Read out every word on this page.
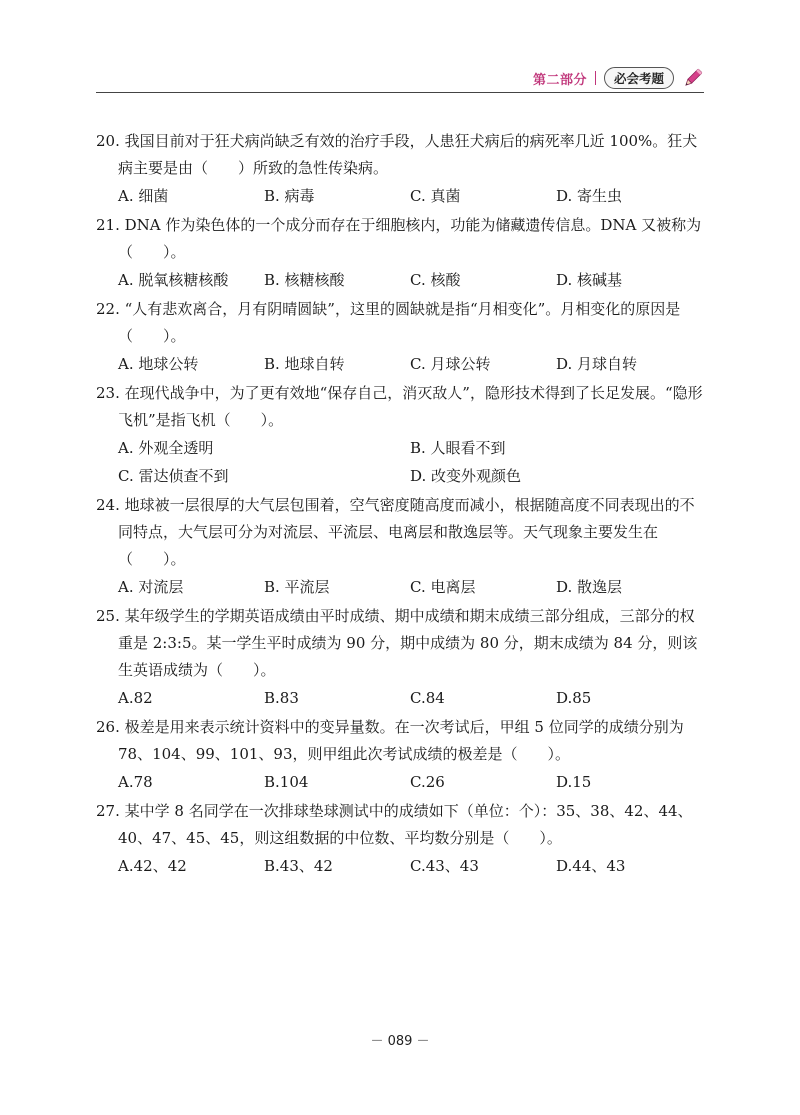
第二部分	必会考题
20. 我国目前对于狂犬病尚缺乏有效的治疗手段，人患狂犬病后的病死率几近 100%。狂犬病主要是由（　　）所致的急性传染病。
A. 细菌	B. 病毒	C. 真菌	D. 寄生虫
21. DNA 作为染色体的一个成分而存在于细胞核内，功能为储藏遗传信息。DNA 又被称为（　　）。
A. 脱氧核糖核酸	B. 核糖核酸	C. 核酸	D. 核碱基
22. “人有悲欢离合，月有阴晴圆缺”，这里的圆缺就是指“月相变化”。月相变化的原因是（　　）。
A. 地球公转	B. 地球自转	C. 月球公转	D. 月球自转
23. 在现代战争中，为了更有效地“保存自己，消灭敌人”，隐形技术得到了长足发展。“隐形飞机”是指飞机（　　）。
A. 外观全透明	B. 人眼看不到
C. 雷达侦查不到	D. 改变外观颜色
24. 地球被一层很厚的大气层包围着，空气密度随高度而减小，根据随高度不同表现出的不同特点，大气层可分为对流层、平流层、电离层和散逸层等。天气现象主要发生在（　　）。
A. 对流层	B. 平流层	C. 电离层	D. 散逸层
25. 某年级学生的学期英语成绩由平时成绩、期中成绩和期末成绩三部分组成，三部分的权重是 2:3:5。某一学生平时成绩为 90 分，期中成绩为 80 分，期末成绩为 84 分，则该生英语成绩为（　　）。
A.82	B.83	C.84	D.85
26. 极差是用来表示统计资料中的变异量数。在一次考试后，甲组 5 位同学的成绩分别为 78、104、99、101、93，则甲组此次考试成绩的极差是（　　）。
A.78	B.104	C.26	D.15
27. 某中学 8 名同学在一次排球垫球测试中的成绩如下（单位：个）：35、38、42、44、40、47、45、45，则这组数据的中位数、平均数分别是（　　）。
A.42、42	B.43、42	C.43、43	D.44、43
－ 089 －
